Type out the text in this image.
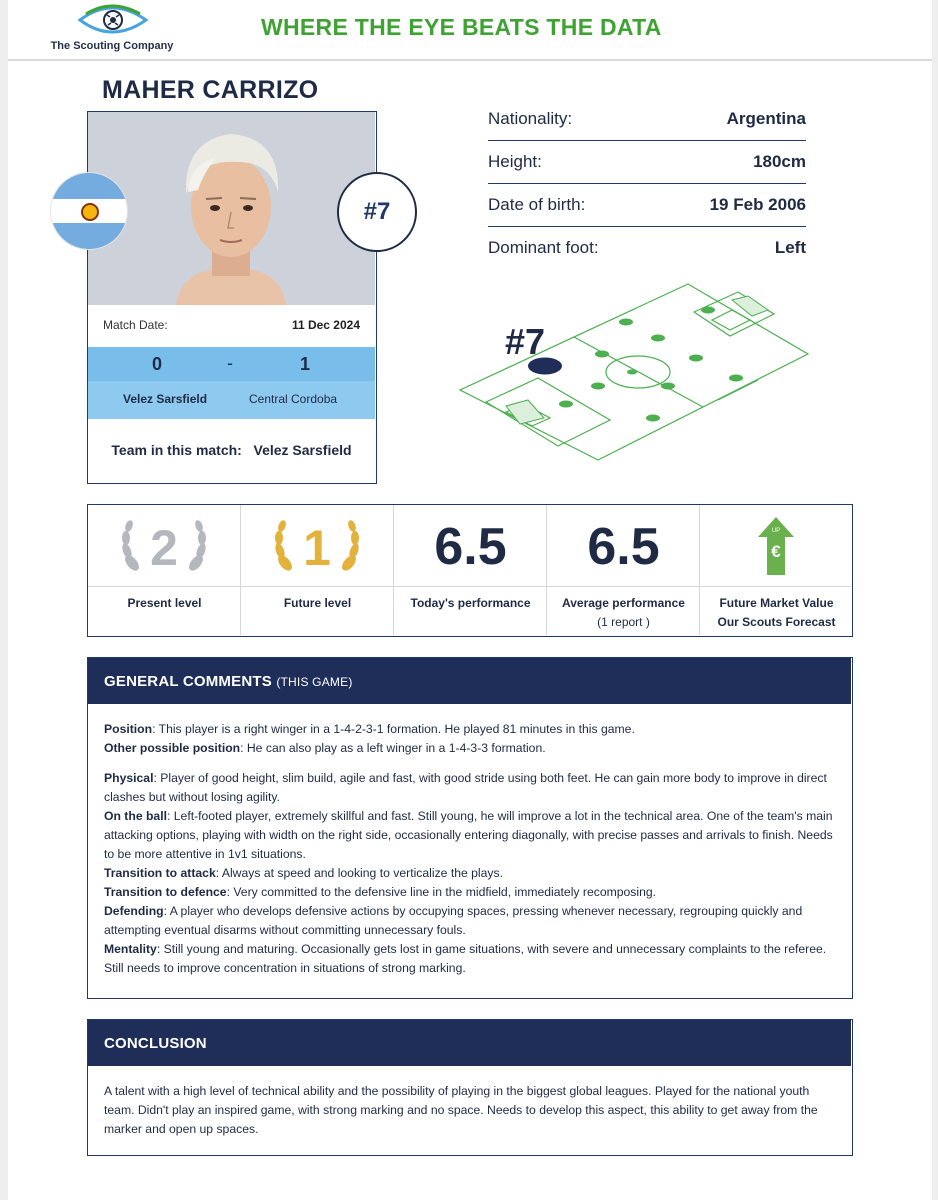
The Scouting Company
WHERE THE EYE BEATS THE DATA
MAHER CARRIZO
Match Date:	11 Dec 2024
0	-	1
Velez Sarsfield	Central Cordoba
Team in this match: Velez Sarsfield
#7
Nationality:	Argentina
Height:	180cm
Date of birth:	19 Feb 2006
Dominant foot:	Left
#7
2
Present level
1
Future level
6.5
Today's performance
6.5
Average performance
(1 report )
UP
€
Future Market Value
Our Scouts Forecast
GENERAL COMMENTS (THIS GAME)

Position: This player is a right winger in a 1-4-2-3-1 formation. He played 81 minutes in this game.

Other possible position: He can also play as a left winger in a 1-4-3-3 formation.

Physical: Player of good height, slim build, agile and fast, with good stride using both feet. He can gain more body to improve in direct clashes but without losing agility.

On the ball: Left-footed player, extremely skillful and fast. Still young, he will improve a lot in the technical area. One of the team's main attacking options, playing with width on the right side, occasionally entering diagonally, with precise passes and arrivals to finish. Needs to be more attentive in 1v1 situations.

Transition to attack: Always at speed and looking to verticalize the plays.

Transition to defence: Very committed to the defensive line in the midfield, immediately recomposing.

Defending: A player who develops defensive actions by occupying spaces, pressing whenever necessary, regrouping quickly and attempting eventual disarms without committing unnecessary fouls.

Mentality: Still young and maturing. Occasionally gets lost in game situations, with severe and unnecessary complaints to the referee. Still needs to improve concentration in situations of strong marking.

CONCLUSION
A talent with a high level of technical ability and the possibility of playing in the biggest global leagues. Played for the national youth team. Didn't play an inspired game, with strong marking and no space. Needs to develop this aspect, this ability to get away from the marker and open up spaces.
